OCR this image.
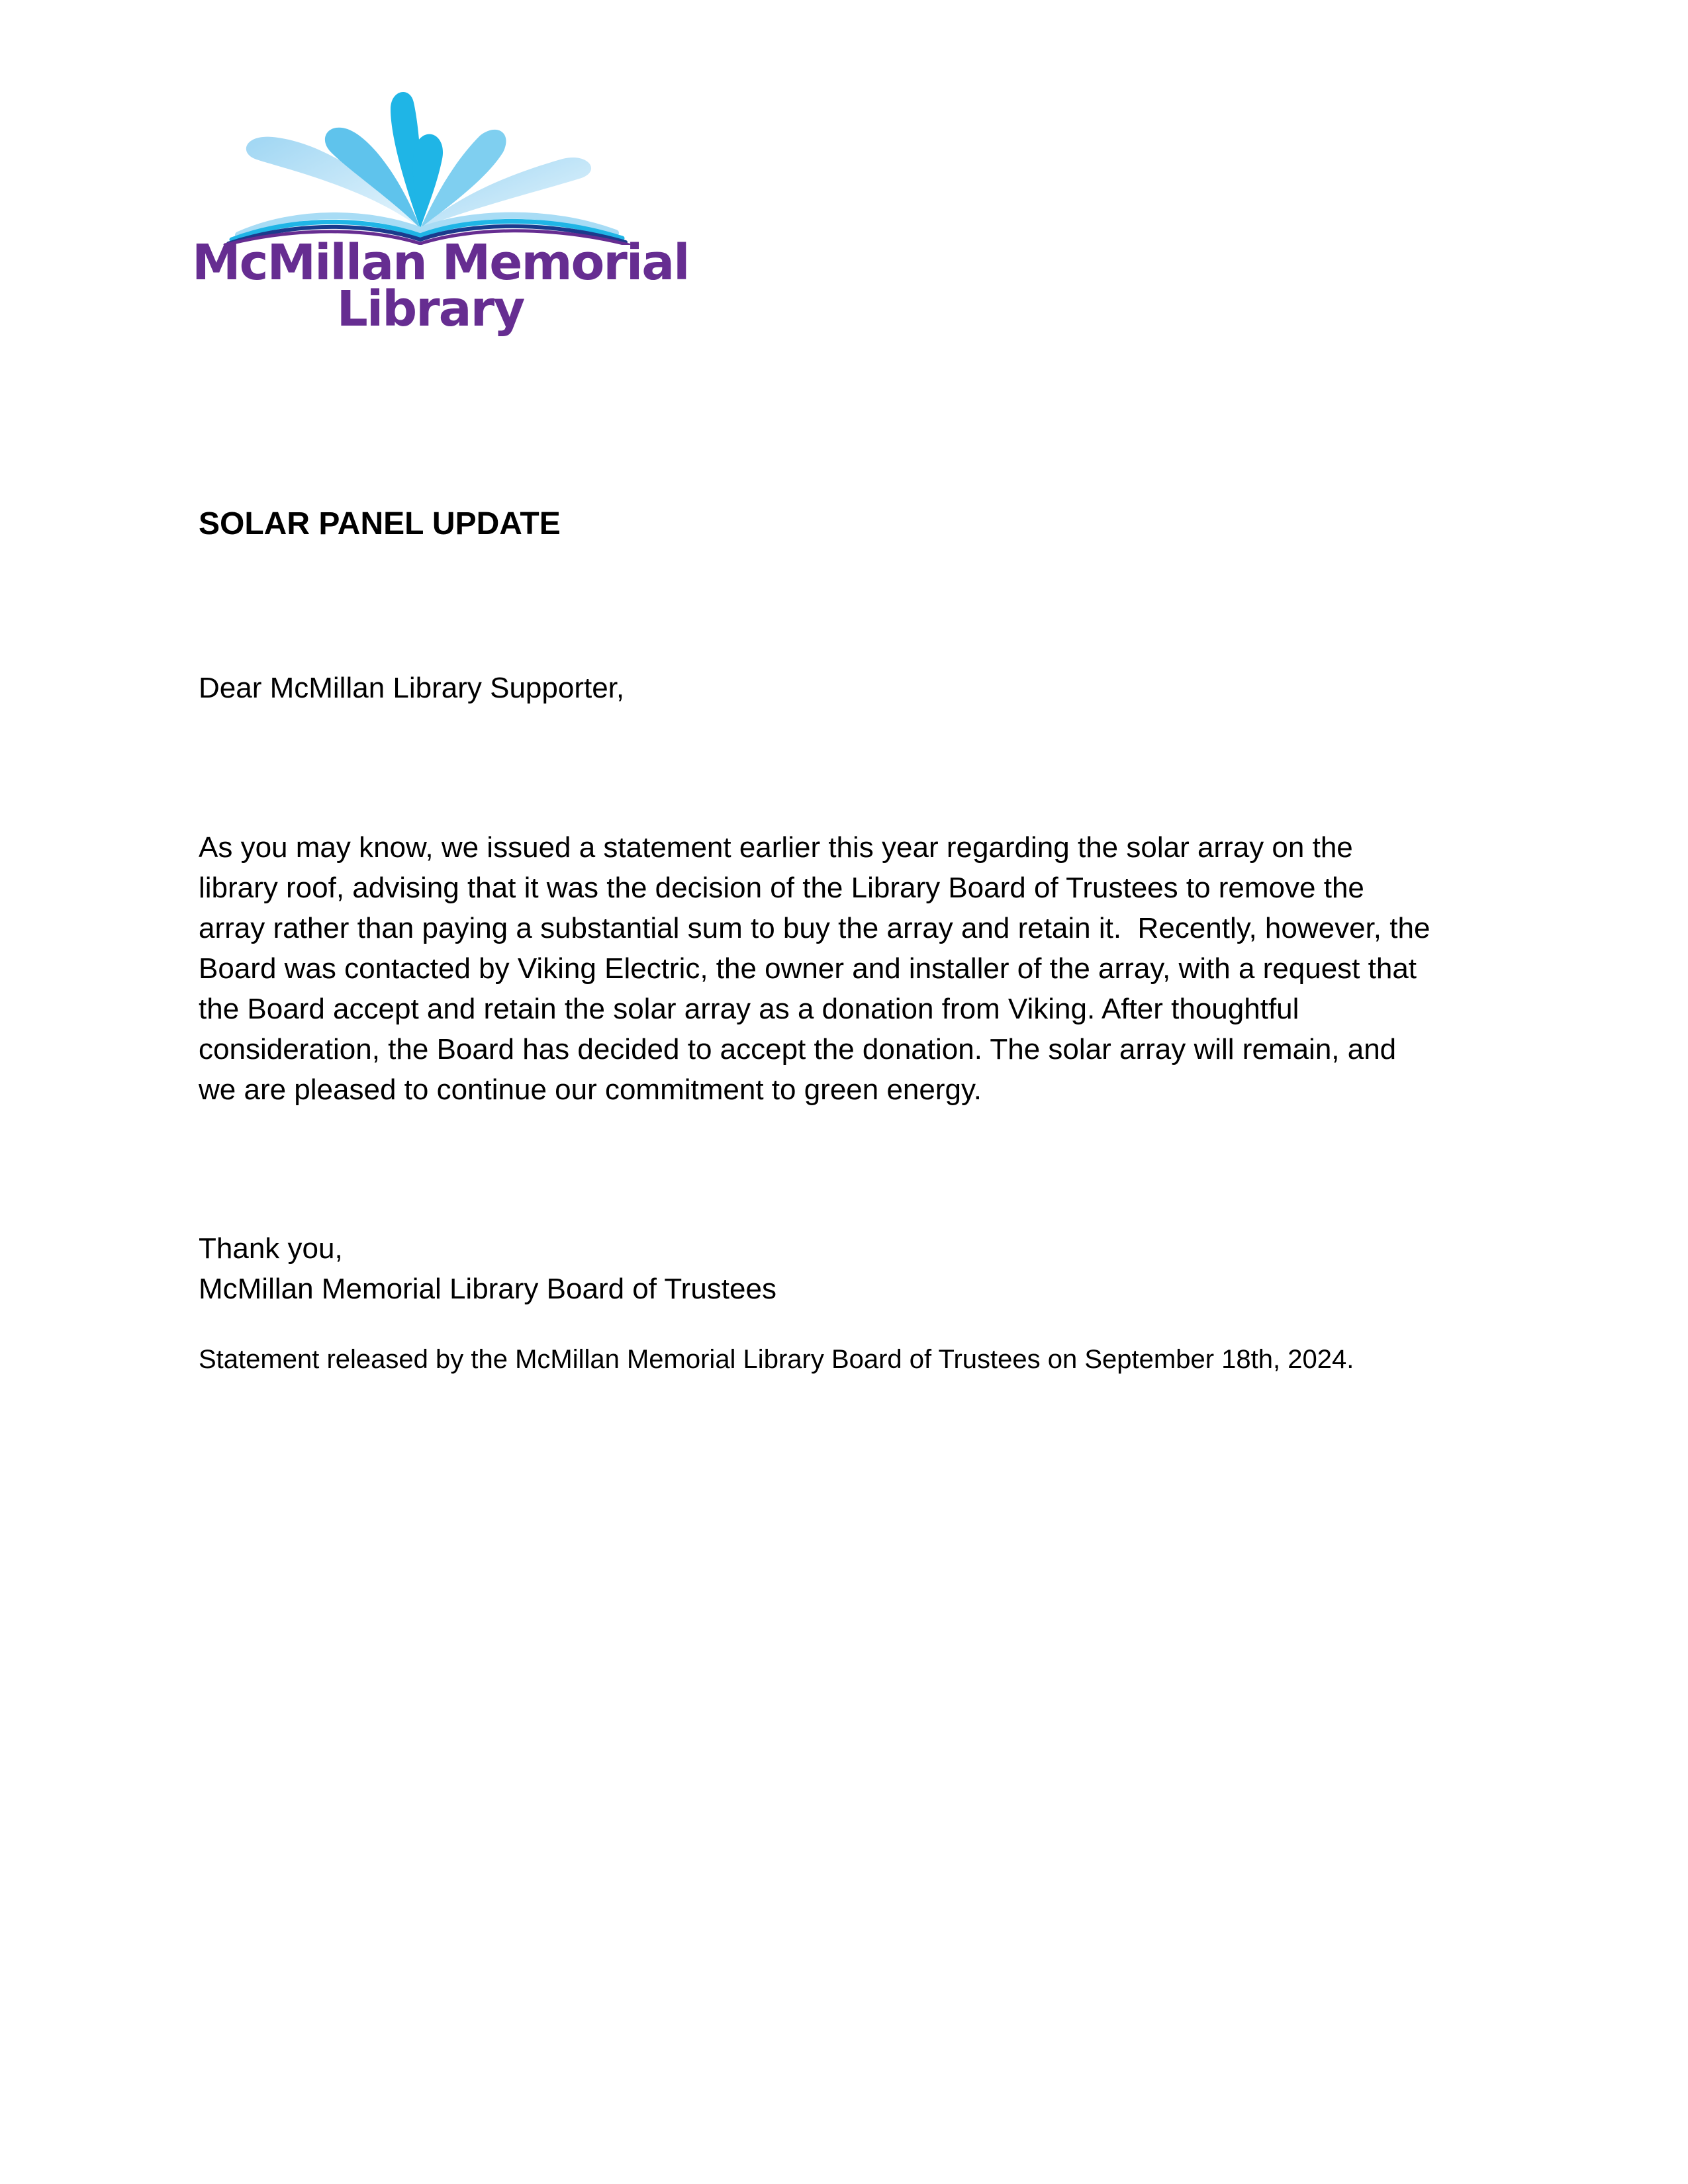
McMillan Memorial
Library
SOLAR PANEL UPDATE
Dear McMillan Library Supporter,
As you may know, we issued a statement earlier this year regarding the solar array on the
library roof, advising that it was the decision of the Library Board of Trustees to remove the
array rather than paying a substantial sum to buy the array and retain it.  Recently, however, the
Board was contacted by Viking Electric, the owner and installer of the array, with a request that
the Board accept and retain the solar array as a donation from Viking. After thoughtful
consideration, the Board has decided to accept the donation. The solar array will remain, and
we are pleased to continue our commitment to green energy.
Thank you,
McMillan Memorial Library Board of Trustees
Statement released by the McMillan Memorial Library Board of Trustees on September 18th, 2024.
